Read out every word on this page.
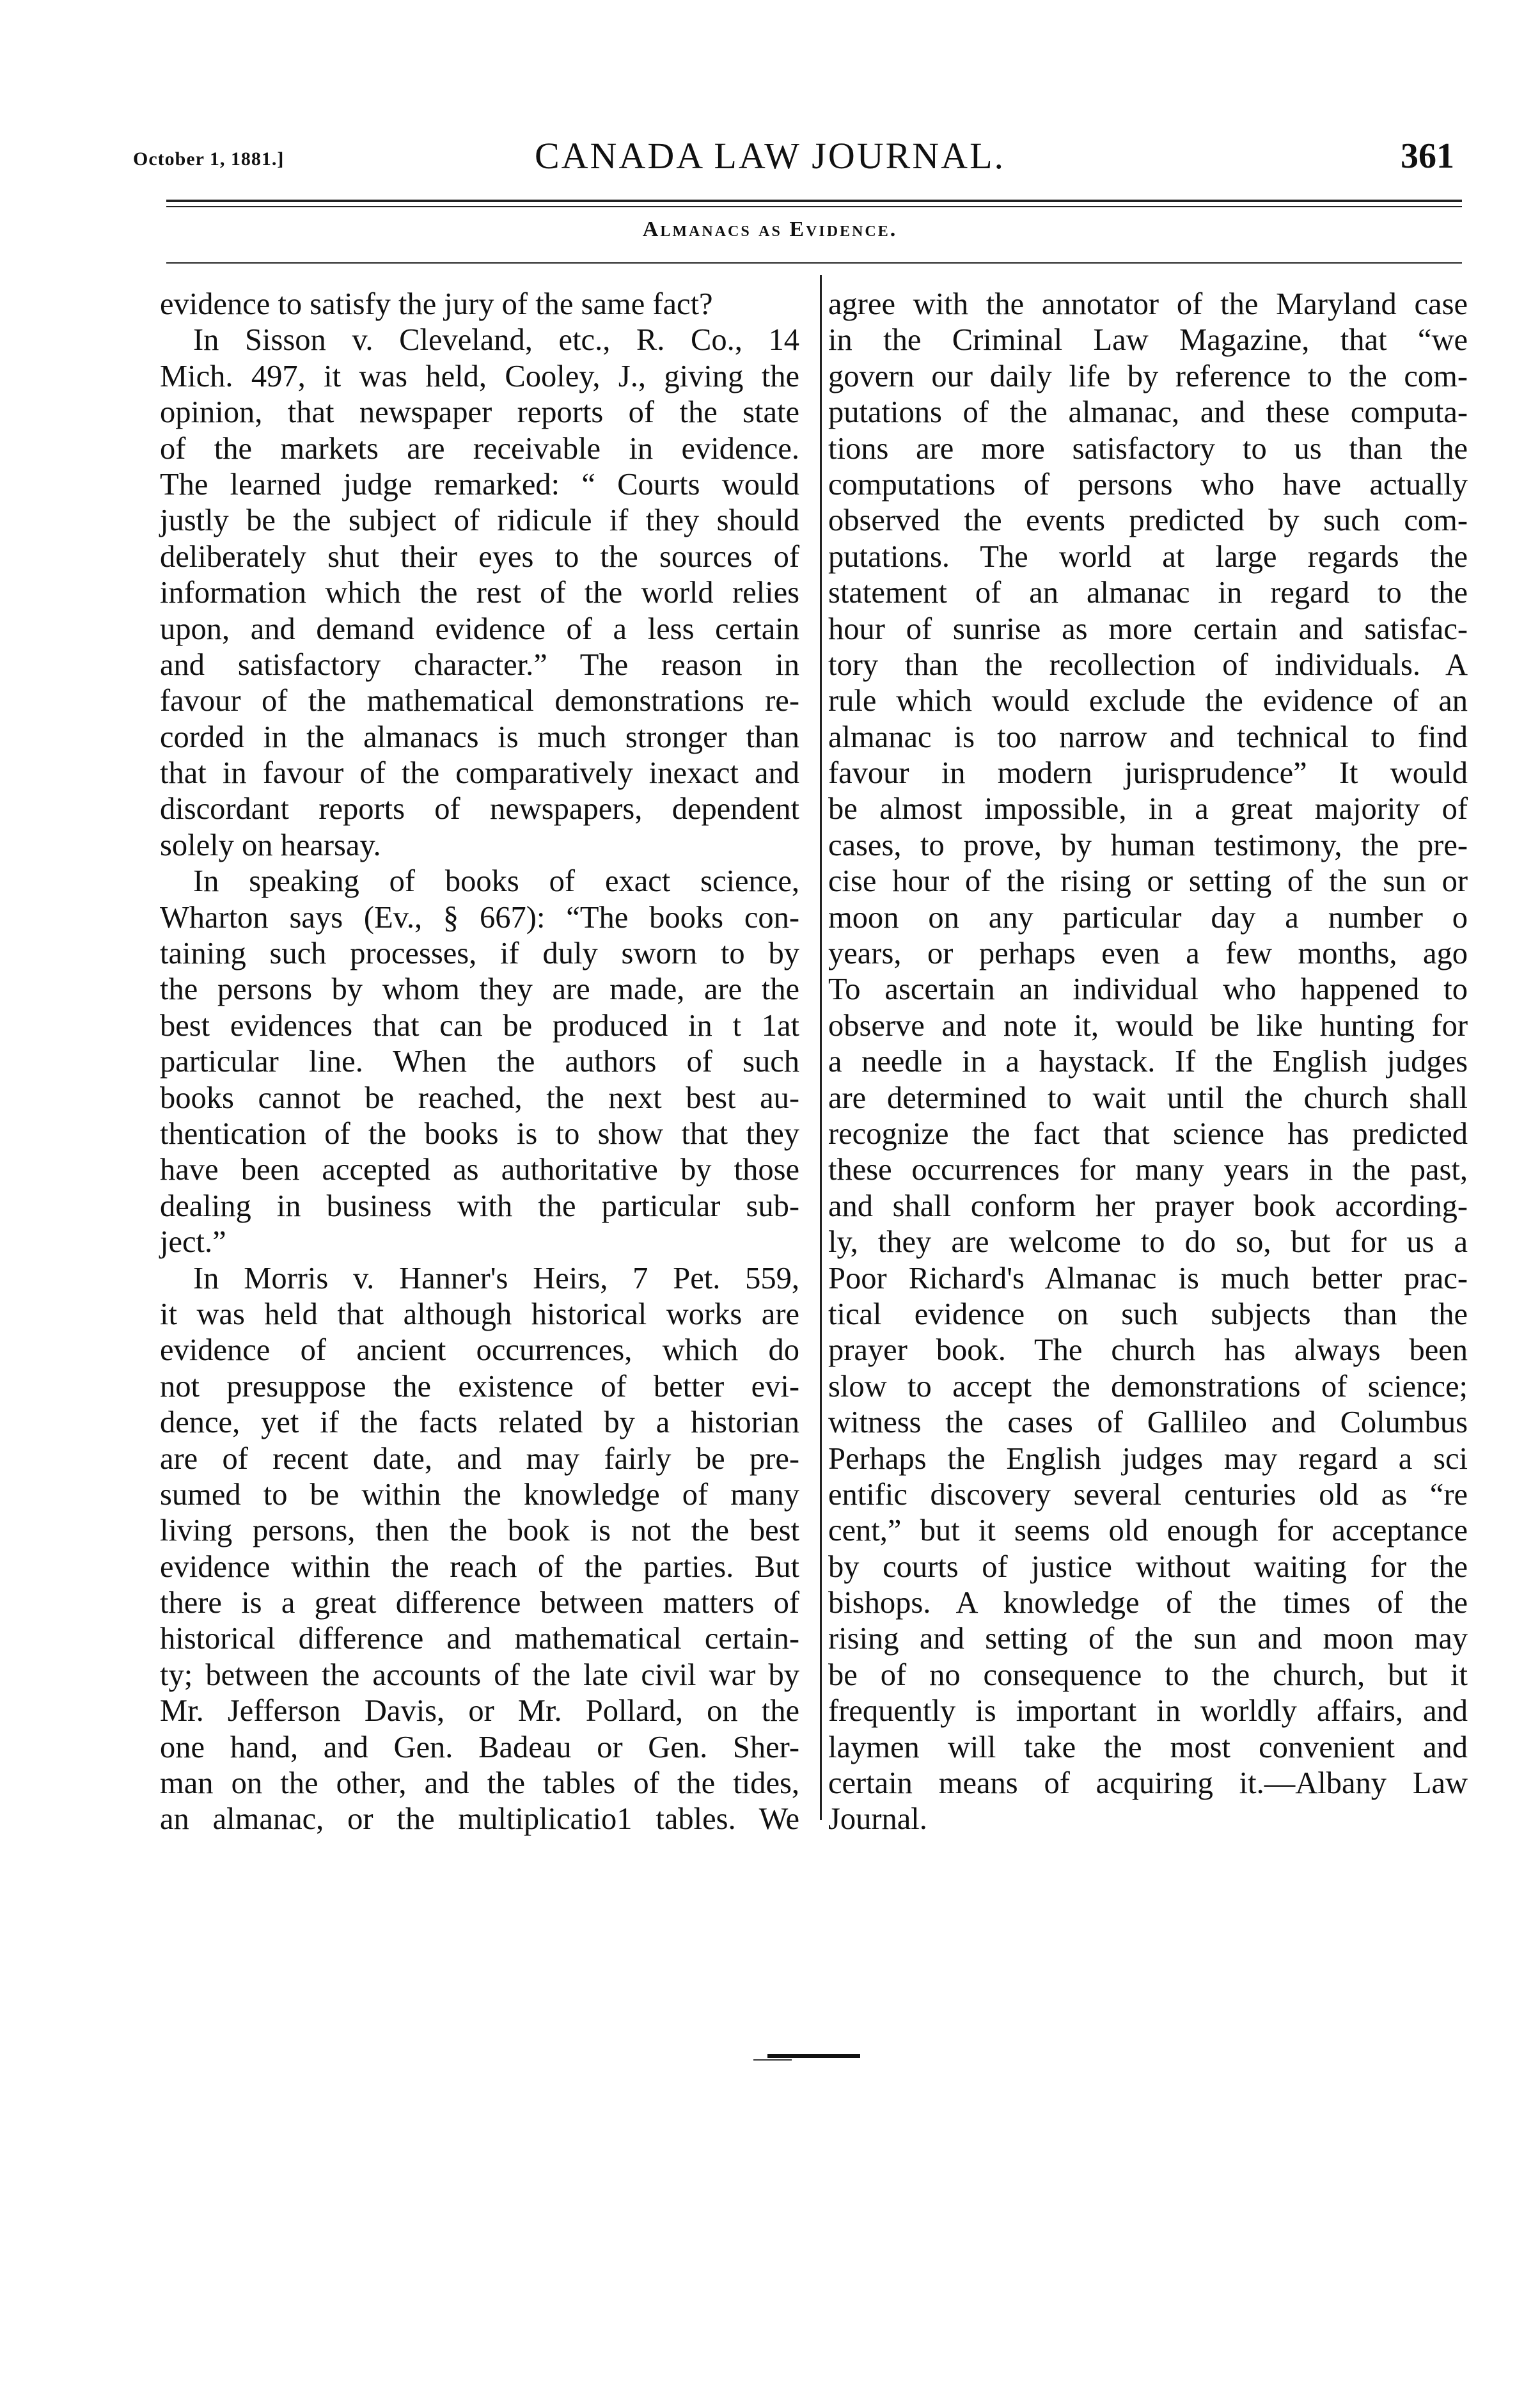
October 1, 1881.]	CANADA LAW JOURNAL.	361
Almanacs as Evidence.
evidence to satisfy the jury of the same fact?
In Sisson v. Cleveland, etc., R. Co., 14
Mich. 497, it was held, Cooley, J., giving the
opinion, that newspaper reports of the state
of the markets are receivable in evidence.
The learned judge remarked: “ Courts would
justly be the subject of ridicule if they should
deliberately shut their eyes to the sources of
information which the rest of the world relies
upon, and demand evidence of a less certain
and satisfactory character.” The reason in
favour of the mathematical demonstrations re-
corded in the almanacs is much stronger than
that in favour of the comparatively inexact and
discordant reports of newspapers, dependent
solely on hearsay.
In speaking of books of exact science,
Wharton says (Ev., § 667): “The books con-
taining such processes, if duly sworn to by
the persons by whom they are made, are the
best evidences that can be produced in t 1at
particular line. When the authors of such
books cannot be reached, the next best au-
thentication of the books is to show that they
have been accepted as authoritative by those
dealing in business with the particular sub-
ject.”
In Morris v. Hanner's Heirs, 7 Pet. 559,
it was held that although historical works are
evidence of ancient occurrences, which do
not presuppose the existence of better evi-
dence, yet if the facts related by a historian
are of recent date, and may fairly be pre-
sumed to be within the knowledge of many
living persons, then the book is not the best
evidence within the reach of the parties. But
there is a great difference between matters of
historical difference and mathematical certain-
ty; between the accounts of the late civil war by
Mr. Jefferson Davis, or Mr. Pollard, on the
one hand, and Gen. Badeau or Gen. Sher-
man on the other, and the tables of the tides,
an almanac, or the multiplicatio1 tables. We
agree with the annotator of the Maryland case
in the Criminal Law Magazine, that “we
govern our daily life by reference to the com-
putations of the almanac, and these computa-
tions are more satisfactory to us than the
computations of persons who have actually
observed the events predicted by such com-
putations. The world at large regards the
statement of an almanac in regard to the
hour of sunrise as more certain and satisfac-
tory than the recollection of individuals. A
rule which would exclude the evidence of an
almanac is too narrow and technical to find
favour in modern jurisprudence” It would
be almost impossible, in a great majority of
cases, to prove, by human testimony, the pre-
cise hour of the rising or setting of the sun or
moon on any particular day a number o
years, or perhaps even a few months, ago
To ascertain an individual who happened to
observe and note it, would be like hunting for
a needle in a haystack. If the English judges
are determined to wait until the church shall
recognize the fact that science has predicted
these occurrences for many years in the past,
and shall conform her prayer book according-
ly, they are welcome to do so, but for us a
Poor Richard's Almanac is much better prac-
tical evidence on such subjects than the
prayer book. The church has always been
slow to accept the demonstrations of science;
witness the cases of Gallileo and Columbus
Perhaps the English judges may regard a sci
entific discovery several centuries old as “re
cent,” but it seems old enough for acceptance
by courts of justice without waiting for the
bishops. A knowledge of the times of the
rising and setting of the sun and moon may
be of no consequence to the church, but it
frequently is important in worldly affairs, and
laymen will take the most convenient and
certain means of acquiring it.—Albany Law
Journal.
